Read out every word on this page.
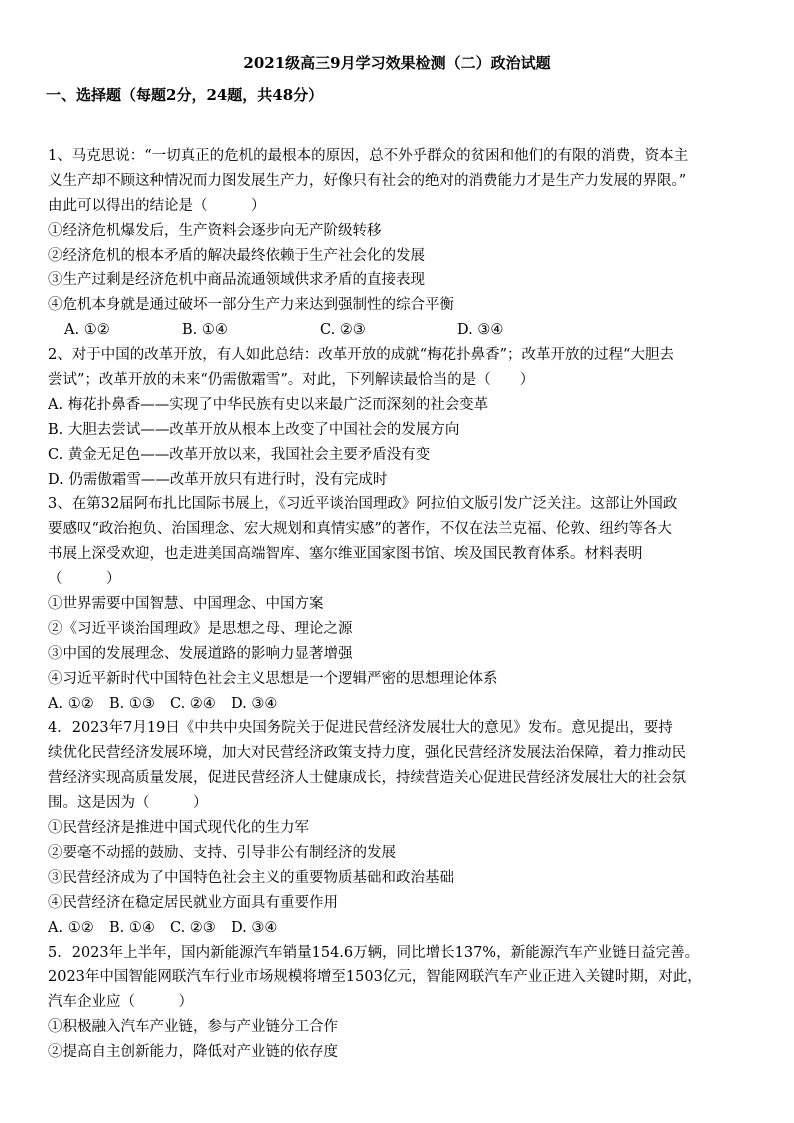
2021级高三9月学习效果检测（二）政治试题
一、选择题（每题2分，24题，共48分）
1、马克思说：“一切真正的危机的最根本的原因，总不外乎群众的贫困和他们的有限的消费，资本主
义生产却不顾这种情况而力图发展生产力，好像只有社会的绝对的消费能力才是生产力发展的界限。”
由此可以得出的结论是（　　　）
①经济危机爆发后，生产资料会逐步向无产阶级转移
②经济危机的根本矛盾的解决最终依赖于生产社会化的发展
③生产过剩是经济危机中商品流通领域供求矛盾的直接表现
④危机本身就是通过破坏一部分生产力来达到强制性的综合平衡
A. ①②	B. ①④	C. ②③	D. ③④
2、对于中国的改革开放，有人如此总结：改革开放的成就“梅花扑鼻香”；改革开放的过程“大胆去
尝试”；改革开放的未来“仍需傲霜雪”。对此，下列解读最恰当的是（　　）
A. 梅花扑鼻香——实现了中华民族有史以来最广泛而深刻的社会变革
B. 大胆去尝试——改革开放从根本上改变了中国社会的发展方向
C. 黄金无足色——改革开放以来，我国社会主要矛盾没有变
D. 仍需傲霜雪——改革开放只有进行时，没有完成时
3、在第32届阿布扎比国际书展上，《习近平谈治国理政》阿拉伯文版引发广泛关注。这部让外国政
要感叹“政治抱负、治国理念、宏大规划和真情实感”的著作，不仅在法兰克福、伦敦、纽约等各大
书展上深受欢迎，也走进美国高端智库、塞尔维亚国家图书馆、埃及国民教育体系。材料表明
（　　　）
①世界需要中国智慧、中国理念、中国方案
②《习近平谈治国理政》是思想之母、理论之源
③中国的发展理念、发展道路的影响力显著增强
④习近平新时代中国特色社会主义思想是一个逻辑严密的思想理论体系
A. ①② B. ①③ C. ②④ D. ③④
4．2023年7月19日《中共中央国务院关于促进民营经济发展壮大的意见》发布。意见提出，要持
续优化民营经济发展环境，加大对民营经济政策支持力度，强化民营经济发展法治保障，着力推动民
营经济实现高质量发展，促进民营经济人士健康成长，持续营造关心促进民营经济发展壮大的社会氛
围。这是因为（　　　）
①民营经济是推进中国式现代化的生力军
②要毫不动摇的鼓励、支持、引导非公有制经济的发展
③民营经济成为了中国特色社会主义的重要物质基础和政治基础
④民营经济在稳定居民就业方面具有重要作用
A. ①② B. ①④ C. ②③ D. ③④
5．2023年上半年，国内新能源汽车销量154.6万辆，同比增长137%，新能源汽车产业链日益完善。
2023年中国智能网联汽车行业市场规模将增至1503亿元，智能网联汽车产业正进入关键时期，对此，
汽车企业应（　　　）
①积极融入汽车产业链，参与产业链分工合作
②提高自主创新能力，降低对产业链的依存度
